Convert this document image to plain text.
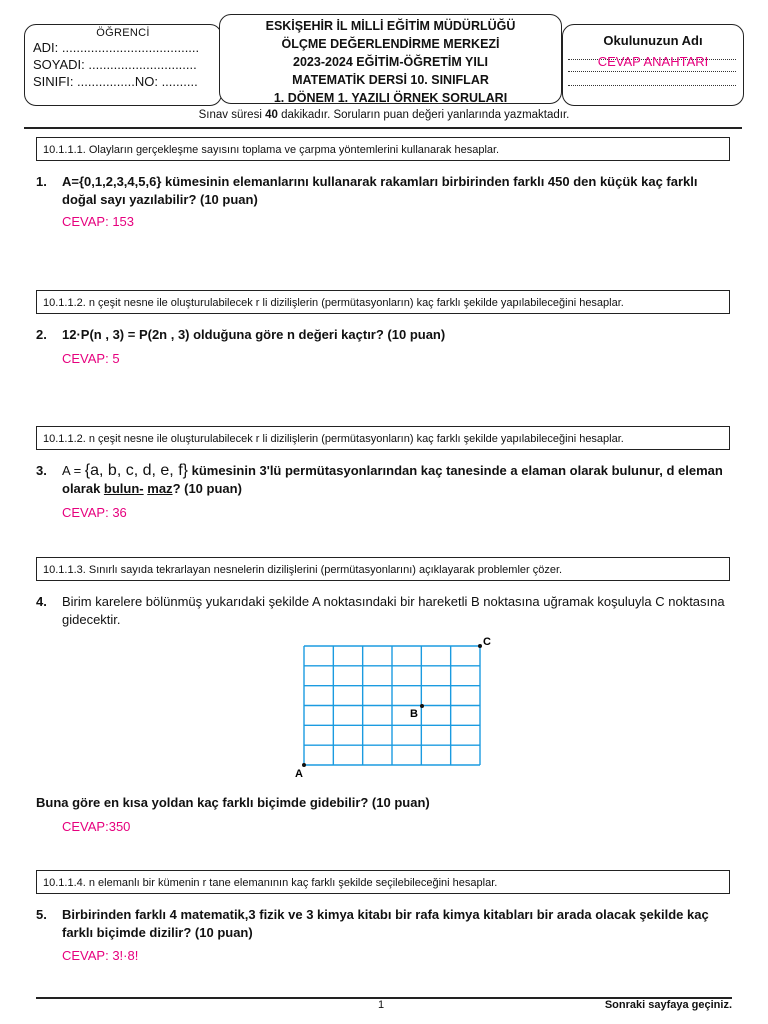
ÖĞRENCİ
ADI: ......................................
SOYADI: ..............................
SINIFI: ................NO: ..........
ESKİŞEHİR İL MİLLİ EĞİTİM MÜDÜRLÜĞÜ
ÖLÇME DEĞERLENDİRME MERKEZİ
2023-2024 EĞİTİM-ÖĞRETİM YILI
MATEMATİK DERSİ 10. SINIFLAR
1. DÖNEM 1. YAZILI ÖRNEK SORULARI
Okulunuzun Adı
CEVAP ANAHTARI
Sınav süresi 40 dakikadır. Soruların puan değeri yanlarında yazmaktadır.
10.1.1.1. Olayların gerçekleşme sayısını toplama ve çarpma yöntemlerini kullanarak hesaplar.
1. A={0,1,2,3,4,5,6} kümesinin elemanlarını kullanarak rakamları birbirinden farklı 450 den küçük kaç farklı doğal sayı yazılabilir? (10 puan)
CEVAP: 153
10.1.1.2. n çeşit nesne ile oluşturulabilecek r li dizilişlerin (permütasyonların) kaç farklı şekilde yapılabileceğini hesaplar.
2. 12·P(n , 3) = P(2n , 3) olduğuna göre n değeri kaçtır? (10 puan)
CEVAP: 5
10.1.1.2. n çeşit nesne ile oluşturulabilecek r li dizilişlerin (permütasyonların) kaç farklı şekilde yapılabileceğini hesaplar.
3. A = {a, b, c, d, e, f} kümesinin 3'lü permütasyonlarından kaç tanesinde a elaman olarak bulunur, d eleman olarak bulun- maz? (10 puan)
CEVAP: 36
10.1.1.3. Sınırlı sayıda tekrarlayan nesnelerin dizilişlerini (permütasyonlarını) açıklayarak problemler çözer.
4. Birim karelere bölünmüş yukarıdaki şekilde A noktasındaki bir hareketli B noktasına uğramak koşuluyla C noktasına gidecektir.
C
B
A
Buna göre en kısa yoldan kaç farklı biçimde gidebilir? (10 puan)
CEVAP:350
10.1.1.4. n elemanlı bir kümenin r tane elemanının kaç farklı şekilde seçilebileceğini hesaplar.
5. Birbirinden farklı 4 matematik,3 fizik ve 3 kimya kitabı bir rafa kimya kitabları bir arada olacak şekilde kaç farklı biçimde dizilir? (10 puan)
CEVAP: 3!·8!
1	Sonraki sayfaya geçiniz.
